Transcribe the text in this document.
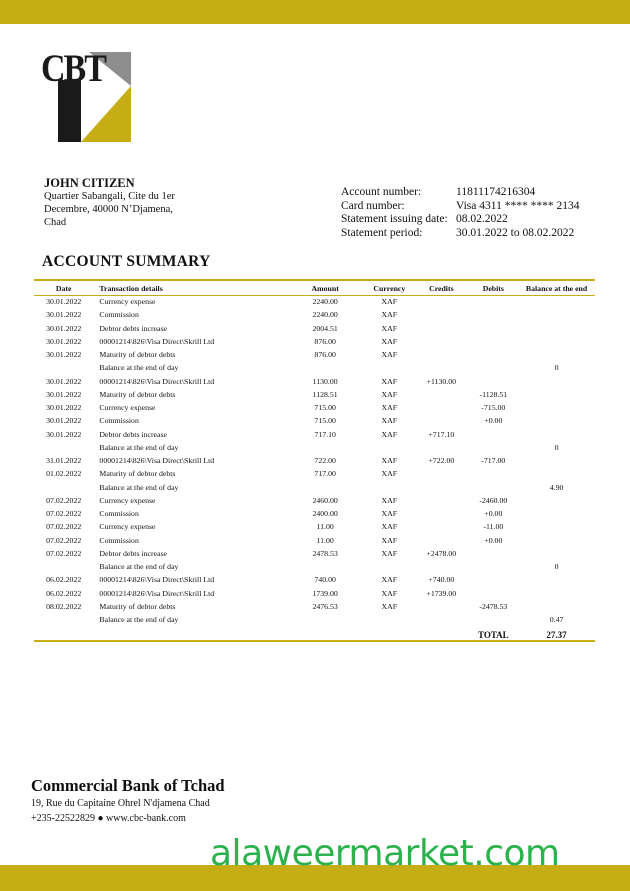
CBT
JOHN CITIZEN
Quartier Sabangali, Cite du 1er
Decembre, 40000 N’Djamena,
Chad
Account number:	11811174216304
Card number:	Visa 4311 **** **** 2134
Statement issuing date: 08.02.2022
Statement period:	30.01.2022 to 08.02.2022
ACCOUNT SUMMARY
Date	Transaction details	Amount	Currency	Credits	Debits	Balance at the end
30.01.2022	Currency expense	2240.00	XAF			
30.01.2022	Commission	2240.00	XAF			
30.01.2022	Debtor debts increase	2004.51	XAF			
30.01.2022	00001214\826\Visa Direct\Skrill Ltd	876.00	XAF			
30.01.2022	Maturity of debtor debts	876.00	XAF			
	Balance at the end of day					0
30.01.2022	00001214\826\Visa Direct\Skrill Ltd	1130.00	XAF	+1130.00		
30.01.2022	Maturity of debtor debts	1128.51	XAF		-1128.51	
30.01.2022	Currency expense	715.00	XAF		-715.00	
30.01.2022	Commission	715.00	XAF		+0.00	
30.01.2022	Debtor debts increase	717.10	XAF	+717.10		
	Balance at the end of day					0
31.01.2022	00001214\826\Visa Direct\Skrill Ltd	722.00	XAF	+722.00	-717.00	
01.02.2022	Maturity of debtor debts	717.00	XAF			
	Balance at the end of day					4.90
07.02.2022	Currency expense	2460.00	XAF		-2460.00	
07.02.2022	Commission	2400.00	XAF		+0.00	
07.02.2022	Currency expense	11.00	XAF		-11.00	
07.02.2022	Commission	11.00	XAF		+0.00	
07.02.2022	Debtor debts increase	2478.53	XAF	+2478.00		
	Balance at the end of day					0
06.02.2022	00001214\826\Visa Direct\Skrill Ltd	740.00	XAF	+740.00		
06.02.2022	00001214\826\Visa Direct\Skrill Ltd	1739.00	XAF	+1739.00		
08.02.2022	Maturity of debtor debts	2476.53	XAF		-2478.53	
	Balance at the end of day					0.47
					TOTAL	27.37
Commercial Bank of Tchad
19, Rue du Capitaine Ohrel N'djamena Chad
+235-22522829 ● www.cbc-bank.com
alaweermarket.com
